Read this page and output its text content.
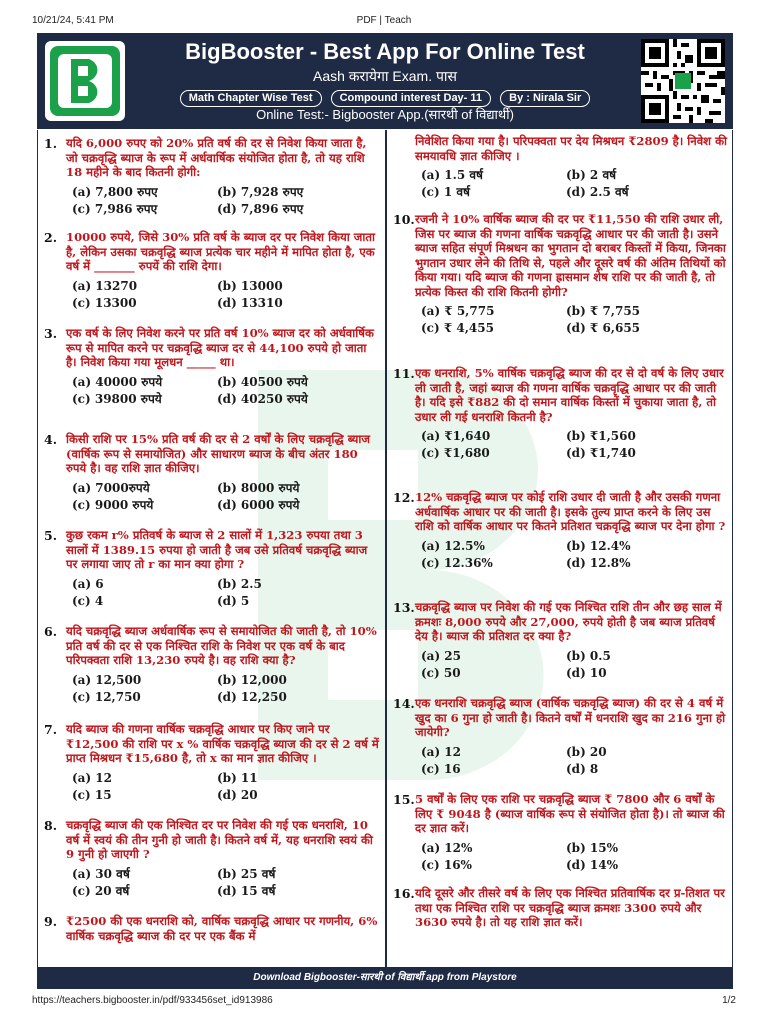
10/21/24, 5:41 PM	PDF | Teach
BigBooster - Best App For Online Test
Aash करायेगा Exam. पास
Math Chapter Wise Test Compound interest Day- 11 By : Nirala Sir
Online Test:- Bigbooster App.(सारथी of विद्यार्थी)
1. यदि 6,000 रुपए को 20% प्रति वर्ष की दर से निवेश किया जाता है, जो चक्रवृद्धि ब्याज के रूप में अर्धवार्षिक संयोजित होता है, तो यह राशि 18 महीने के बाद कितनी होगी:
(a) 7,800 रुपए	(b) 7,928 रुपए
(c) 7,986 रुपए	(d) 7,896 रुपए
2. 10000 रुपये, जिसे 30% प्रति वर्ष के ब्याज दर पर निवेश किया जाता है, लेकिन उसका चक्रवृद्धि ब्याज प्रत्येक चार महीने में मापित होता है, एक वर्ष में _______ रुपयें की राशि देगा।
(a) 13270	(b) 13000
(c) 13300	(d) 13310
3. एक वर्ष के लिए निवेश करने पर प्रति वर्ष 10% ब्याज दर को अर्धवार्षिक रूप से मापित करने पर चक्रवृद्धि ब्याज दर से 44,100 रुपये हो जाता है। निवेश किया गया मूलधन _____ था।
(a) 40000 रुपये	(b) 40500 रुपये
(c) 39800 रुपये	(d) 40250 रुपये
4. किसी राशि पर 15% प्रति वर्ष की दर से 2 वर्षों के लिए चक्रवृद्धि ब्याज (वार्षिक रूप से समायोजित) और साधारण ब्याज के बीच अंतर 180 रुपये है। वह राशि ज्ञात कीजिए।
(a) 7000रुपये	(b) 8000 रुपये
(c) 9000 रुपये	(d) 6000 रुपये
5. कुछ रकम r% प्रतिवर्ष के ब्याज से 2 सालों में 1,323 रुपया तथा 3 सालों में 1389.15 रुपया हो जाती है जब उसे प्रतिवर्ष चक्रवृद्धि ब्याज पर लगाया जाए तो r का मान क्या होगा ?
(a) 6	(b) 2.5
(c) 4	(d) 5
6. यदि चक्रवृद्धि ब्याज अर्धवार्षिक रूप से समायोजित की जाती है, तो 10% प्रति वर्ष की दर से एक निश्चित राशि के निवेश पर एक वर्ष के बाद परिपक्वता राशि 13,230 रुपये है। वह राशि क्या है?
(a) 12,500	(b) 12,000
(c) 12,750	(d) 12,250
7. यदि ब्याज की गणना वार्षिक चक्रवृद्धि आधार पर किए जाने पर ₹12,500 की राशि पर x % वार्षिक चक्रवृद्धि ब्याज की दर से 2 वर्ष में प्राप्त मिश्रधन ₹15,680 है, तो x का मान ज्ञात कीजिए ।
(a) 12	(b) 11
(c) 15	(d) 20
8. चक्रवृद्धि ब्याज की एक निश्चित दर पर निवेश की गई एक धनराशि, 10 वर्ष में स्वयं की तीन गुनी हो जाती है। कितने वर्ष में, यह धनराशि स्वयं की 9 गुनी हो जाएगी ?
(a) 30 वर्ष	(b) 25 वर्ष
(c) 20 वर्ष	(d) 15 वर्ष
9. ₹2500 की एक धनराशि को, वार्षिक चक्रवृद्धि आधार पर गणनीय, 6% वार्षिक चक्रवृद्धि ब्याज की दर पर एक बैंक में
निवेशित किया गया है। परिपक्वता पर देय मिश्रधन ₹2809 है। निवेश की समयावधि ज्ञात कीजिए ।
(a) 1.5 वर्ष	(b) 2 वर्ष
(c) 1 वर्ष	(d) 2.5 वर्ष
10. रजनी ने 10% वार्षिक ब्याज की दर पर ₹11,550 की राशि उधार ली, जिस पर ब्याज की गणना वार्षिक चक्रवृद्धि आधार पर की जाती है। उसने ब्याज सहित संपूर्ण मिश्रधन का भुगतान दो बराबर किस्तों में किया, जिनका भुगतान उधार लेने की तिथि से, पहले और दूसरे वर्ष की अंतिम तिथियों को किया गया। यदि ब्याज की गणना ह्रासमान शेष राशि पर की जाती है, तो प्रत्येक किस्त की राशि कितनी होगी?
(a) ₹ 5,775	(b) ₹ 7,755
(c) ₹ 4,455	(d) ₹ 6,655
11. एक धनराशि, 5% वार्षिक चक्रवृद्धि ब्याज की दर से दो वर्ष के लिए उधार ली जाती है, जहां ब्याज की गणना वार्षिक चक्रवृद्धि आधार पर की जाती है। यदि इसे ₹882 की दो समान वार्षिक किस्तों में चुकाया जाता है, तो उधार ली गई धनराशि कितनी है?
(a) ₹1,640	(b) ₹1,560
(c) ₹1,680	(d) ₹1,740
12. 12% चक्रवृद्धि ब्याज पर कोई राशि उधार दी जाती है और उसकी गणना अर्धवार्षिक आधार पर की जाती है। इसके तुल्य प्राप्त करने के लिए उस राशि को वार्षिक आधार पर कितने प्रतिशत चक्रवृद्धि ब्याज पर देना होगा ?
(a) 12.5%	(b) 12.4%
(c) 12.36%	(d) 12.8%
13. चक्रवृद्धि ब्याज पर निवेश की गई एक निश्चित राशि तीन और छह साल में क्रमशः 8,000 रुपये और 27,000, रुपये होती है जब ब्याज प्रतिवर्ष देय है। ब्याज की प्रतिशत दर क्या है?
(a) 25	(b) 0.5
(c) 50	(d) 10
14. एक धनराशि चक्रवृद्धि ब्याज (वार्षिक चक्रवृद्धि ब्याज) की दर से 4 वर्ष में खुद का 6 गुना हो जाती है। कितने वर्षों में धनराशि खुद का 216 गुना हो जायेगी?
(a) 12	(b) 20
(c) 16	(d) 8
15. 5 वर्षों के लिए एक राशि पर चक्रवृद्धि ब्याज ₹ 7800 और 6 वर्षों के लिए ₹ 9048 है (ब्याज वार्षिक रूप से संयोजित होता है)। तो ब्याज की दर ज्ञात करें।
(a) 12%	(b) 15%
(c) 16%	(d) 14%
16. यदि दूसरे और तीसरे वर्ष के लिए एक निश्चित प्रतिवार्षिक दर प्र-तिशत पर तथा एक निश्चित राशि पर चक्रवृद्धि ब्याज क्रमशः 3300 रुपये और 3630 रुपये है। तो यह राशि ज्ञात करें।
Download Bigbooster-सारथी of विद्यार्थी app from Playstore
https://teachers.bigbooster.in/pdf/933456set_id913986	1/2
